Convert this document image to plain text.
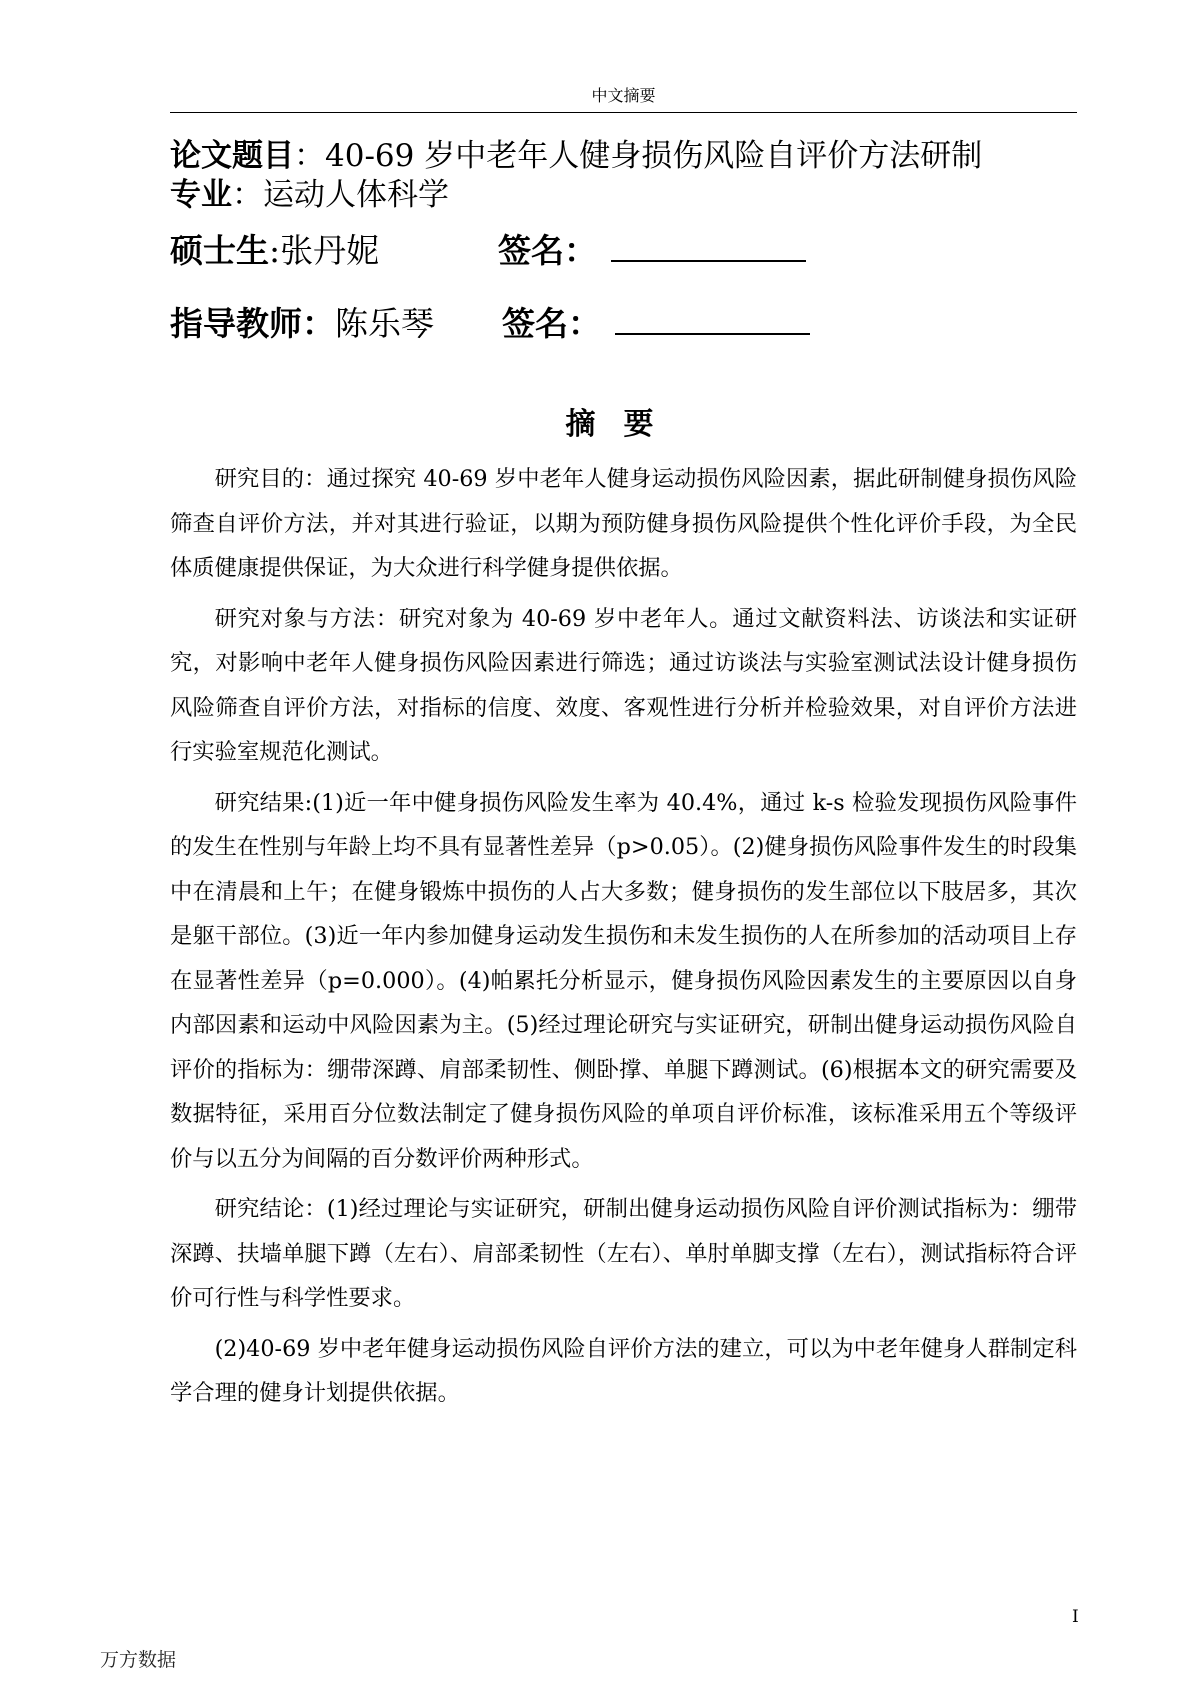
中文摘要
论文题目：40-69 岁中老年人健身损伤风险自评价方法研制
专业：运动人体科学
硕士生:张丹妮	签名：
指导教师：陈乐琴 签名：
摘要

研究目的：通过探究 40-69 岁中老年人健身运动损伤风险因素，据此研制健身损伤风险筛查自评价方法，并对其进行验证，以期为预防健身损伤风险提供个性化评价手段，为全民体质健康提供保证，为大众进行科学健身提供依据。

研究对象与方法：研究对象为 40-69 岁中老年人。通过文献资料法、访谈法和实证研究，对影响中老年人健身损伤风险因素进行筛选；通过访谈法与实验室测试法设计健身损伤风险筛查自评价方法，对指标的信度、效度、客观性进行分析并检验效果，对自评价方法进行实验室规范化测试。

研究结果:(1)近一年中健身损伤风险发生率为 40.4%，通过 k-s 检验发现损伤风险事件的发生在性别与年龄上均不具有显著性差异（p>0.05）。(2)健身损伤风险事件发生的时段集中在清晨和上午；在健身锻炼中损伤的人占大多数；健身损伤的发生部位以下肢居多，其次是躯干部位。(3)近一年内参加健身运动发生损伤和未发生损伤的人在所参加的活动项目上存在显著性差异（p=0.000）。(4)帕累托分析显示，健身损伤风险因素发生的主要原因以自身内部因素和运动中风险因素为主。(5)经过理论研究与实证研究，研制出健身运动损伤风险自评价的指标为：绷带深蹲、肩部柔韧性、侧卧撑、单腿下蹲测试。(6)根据本文的研究需要及数据特征，采用百分位数法制定了健身损伤风险的单项自评价标准，该标准采用五个等级评价与以五分为间隔的百分数评价两种形式。

研究结论：(1)经过理论与实证研究，研制出健身运动损伤风险自评价测试指标为：绷带深蹲、扶墙单腿下蹲（左右）、肩部柔韧性（左右）、单肘单脚支撑（左右），测试指标符合评价可行性与科学性要求。

(2)40-69 岁中老年健身运动损伤风险自评价方法的建立，可以为中老年健身人群制定科学合理的健身计划提供依据。

I
万方数据
